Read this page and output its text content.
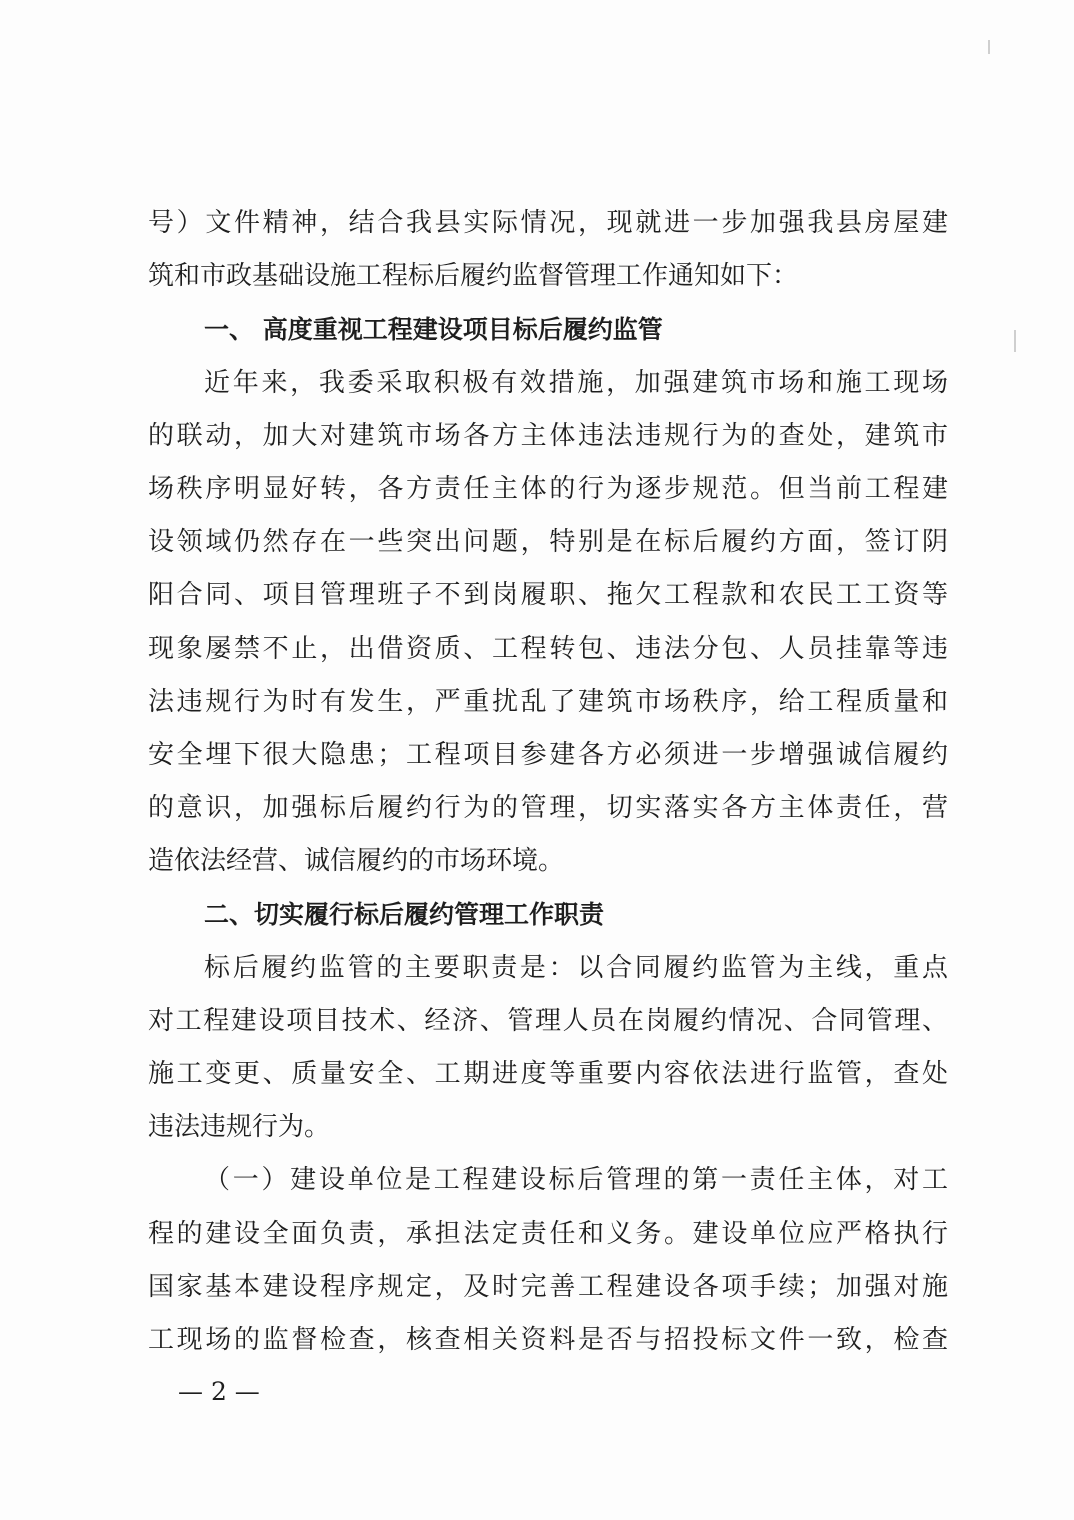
号）文件精神，结合我县实际情况，现就进一步加强我县房屋建
筑和市政基础设施工程标后履约监督管理工作通知如下：
一、 高度重视工程建设项目标后履约监管
近年来，我委采取积极有效措施，加强建筑市场和施工现场
的联动，加大对建筑市场各方主体违法违规行为的查处，建筑市
场秩序明显好转，各方责任主体的行为逐步规范。但当前工程建
设领域仍然存在一些突出问题，特别是在标后履约方面，签订阴
阳合同、项目管理班子不到岗履职、拖欠工程款和农民工工资等
现象屡禁不止，出借资质、工程转包、违法分包、人员挂靠等违
法违规行为时有发生，严重扰乱了建筑市场秩序，给工程质量和
安全埋下很大隐患；工程项目参建各方必须进一步增强诚信履约
的意识，加强标后履约行为的管理，切实落实各方主体责任，营
造依法经营、诚信履约的市场环境。
二、切实履行标后履约管理工作职责
标后履约监管的主要职责是：以合同履约监管为主线，重点
对工程建设项目技术、经济、管理人员在岗履约情况、合同管理、
施工变更、质量安全、工期进度等重要内容依法进行监管，查处
违法违规行为。
（一）建设单位是工程建设标后管理的第一责任主体，对工
程的建设全面负责，承担法定责任和义务。建设单位应严格执行
国家基本建设程序规定，及时完善工程建设各项手续；加强对施
工现场的监督检查，核查相关资料是否与招投标文件一致，检查
— 2 —
